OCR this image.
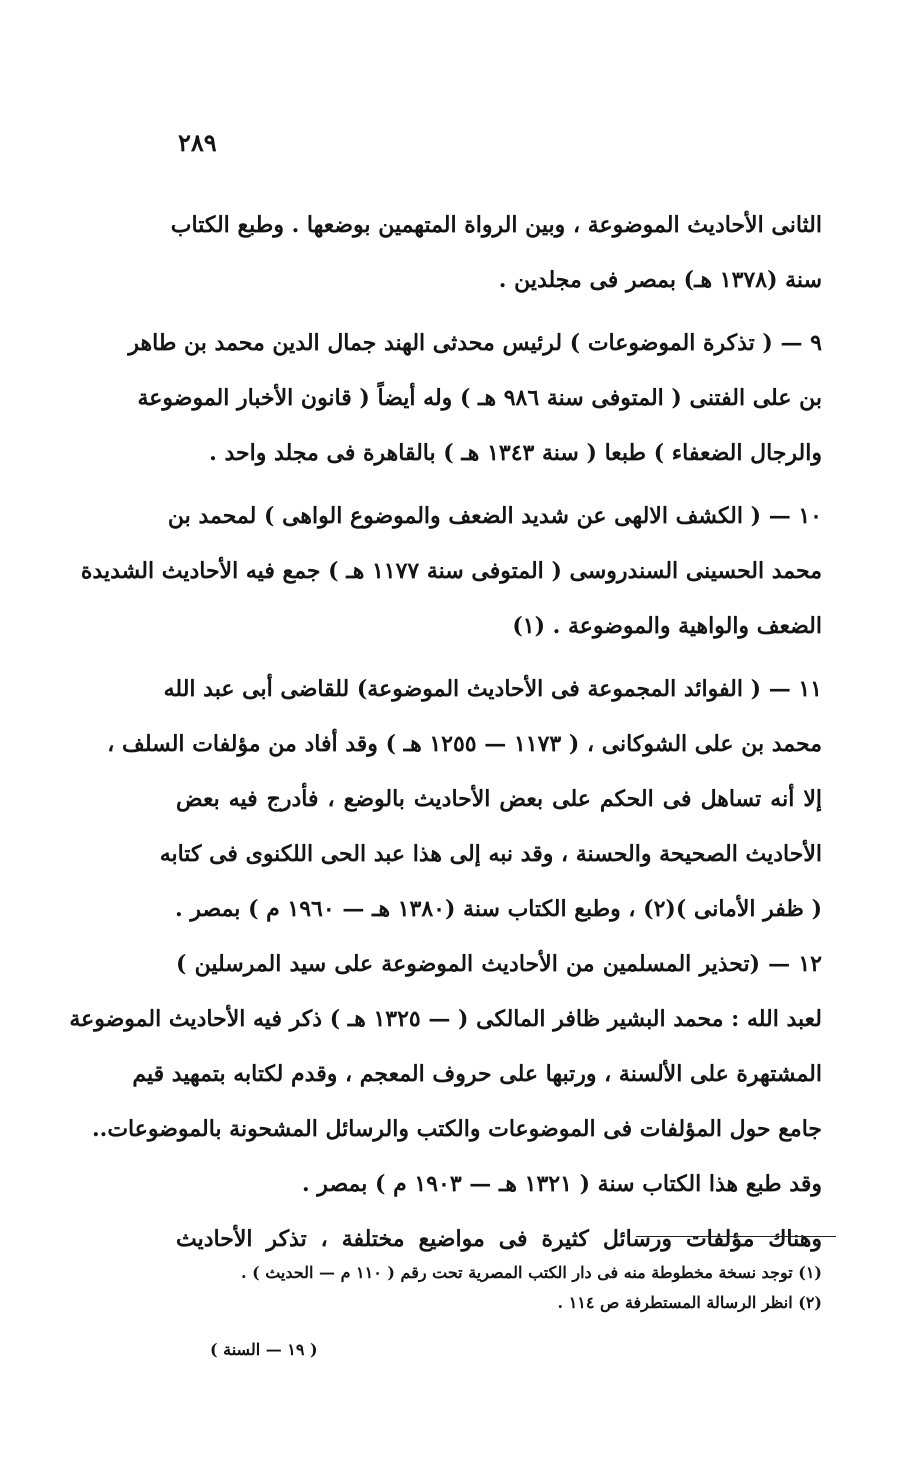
٢٨٩
الثانى الأحاديث الموضوعة ، وبين الرواة المتهمين بوضعها . وطبع الكتاب
سنة (١٣٧٨ هـ) بمصر فى مجلدين .
٩ — ( تذكرة الموضوعات ) لرئيس محدثى الهند جمال الدين محمد بن طاهر
بن على الفتنى ( المتوفى سنة ٩٨٦ هـ ) وله أيضاً ( قانون الأخبار الموضوعة
والرجال الضعفاء ) طبعا ( سنة ١٣٤٣ هـ ) بالقاهرة فى مجلد واحد .
١٠ — ( الكشف الالهى عن شديد الضعف والموضوع الواهى ) لمحمد بن
محمد الحسينى السندروسى ( المتوفى سنة ١١٧٧ هـ ) جمع فيه الأحاديث الشديدة
الضعف والواهية والموضوعة . (١)
١١ — ( الفوائد المجموعة فى الأحاديث الموضوعة) للقاضى أبى عبد الله
محمد بن على الشوكانى ، ( ١١٧٣ — ١٢٥٥ هـ ) وقد أفاد من مؤلفات السلف ،
إلا أنه تساهل فى الحكم على بعض الأحاديث بالوضع ، فأدرج فيه بعض
الأحاديث الصحيحة والحسنة ، وقد نبه إلى هذا عبد الحى اللكنوى فى كتابه
( ظفر الأمانى )(٢) ، وطبع الكتاب سنة (١٣٨٠ هـ — ١٩٦٠ م ) بمصر .
١٢ — (تحذير المسلمين من الأحاديث الموضوعة على سيد المرسلين )
لعبد الله : محمد البشير ظافر المالكى ( — ١٣٢٥ هـ ) ذكر فيه الأحاديث الموضوعة
المشتهرة على الألسنة ، ورتبها على حروف المعجم ، وقدم لكتابه بتمهيد قيم
جامع حول المؤلفات فى الموضوعات والكتب والرسائل المشحونة بالموضوعات..
وقد طبع هذا الكتاب سنة ( ١٣٢١ هـ — ١٩٠٣ م ) بمصر .
وهناك مؤلفات ورسائل كثيرة فى مواضيع مختلفة ، تذكر الأحاديث
(١) توجد نسخة مخطوطة منه فى دار الكتب المصرية تحت رقم ( ١١٠ م — الحديث ) .
(٢) انظر الرسالة المستطرفة ص ١١٤ .
( ١٩ — السنة )
